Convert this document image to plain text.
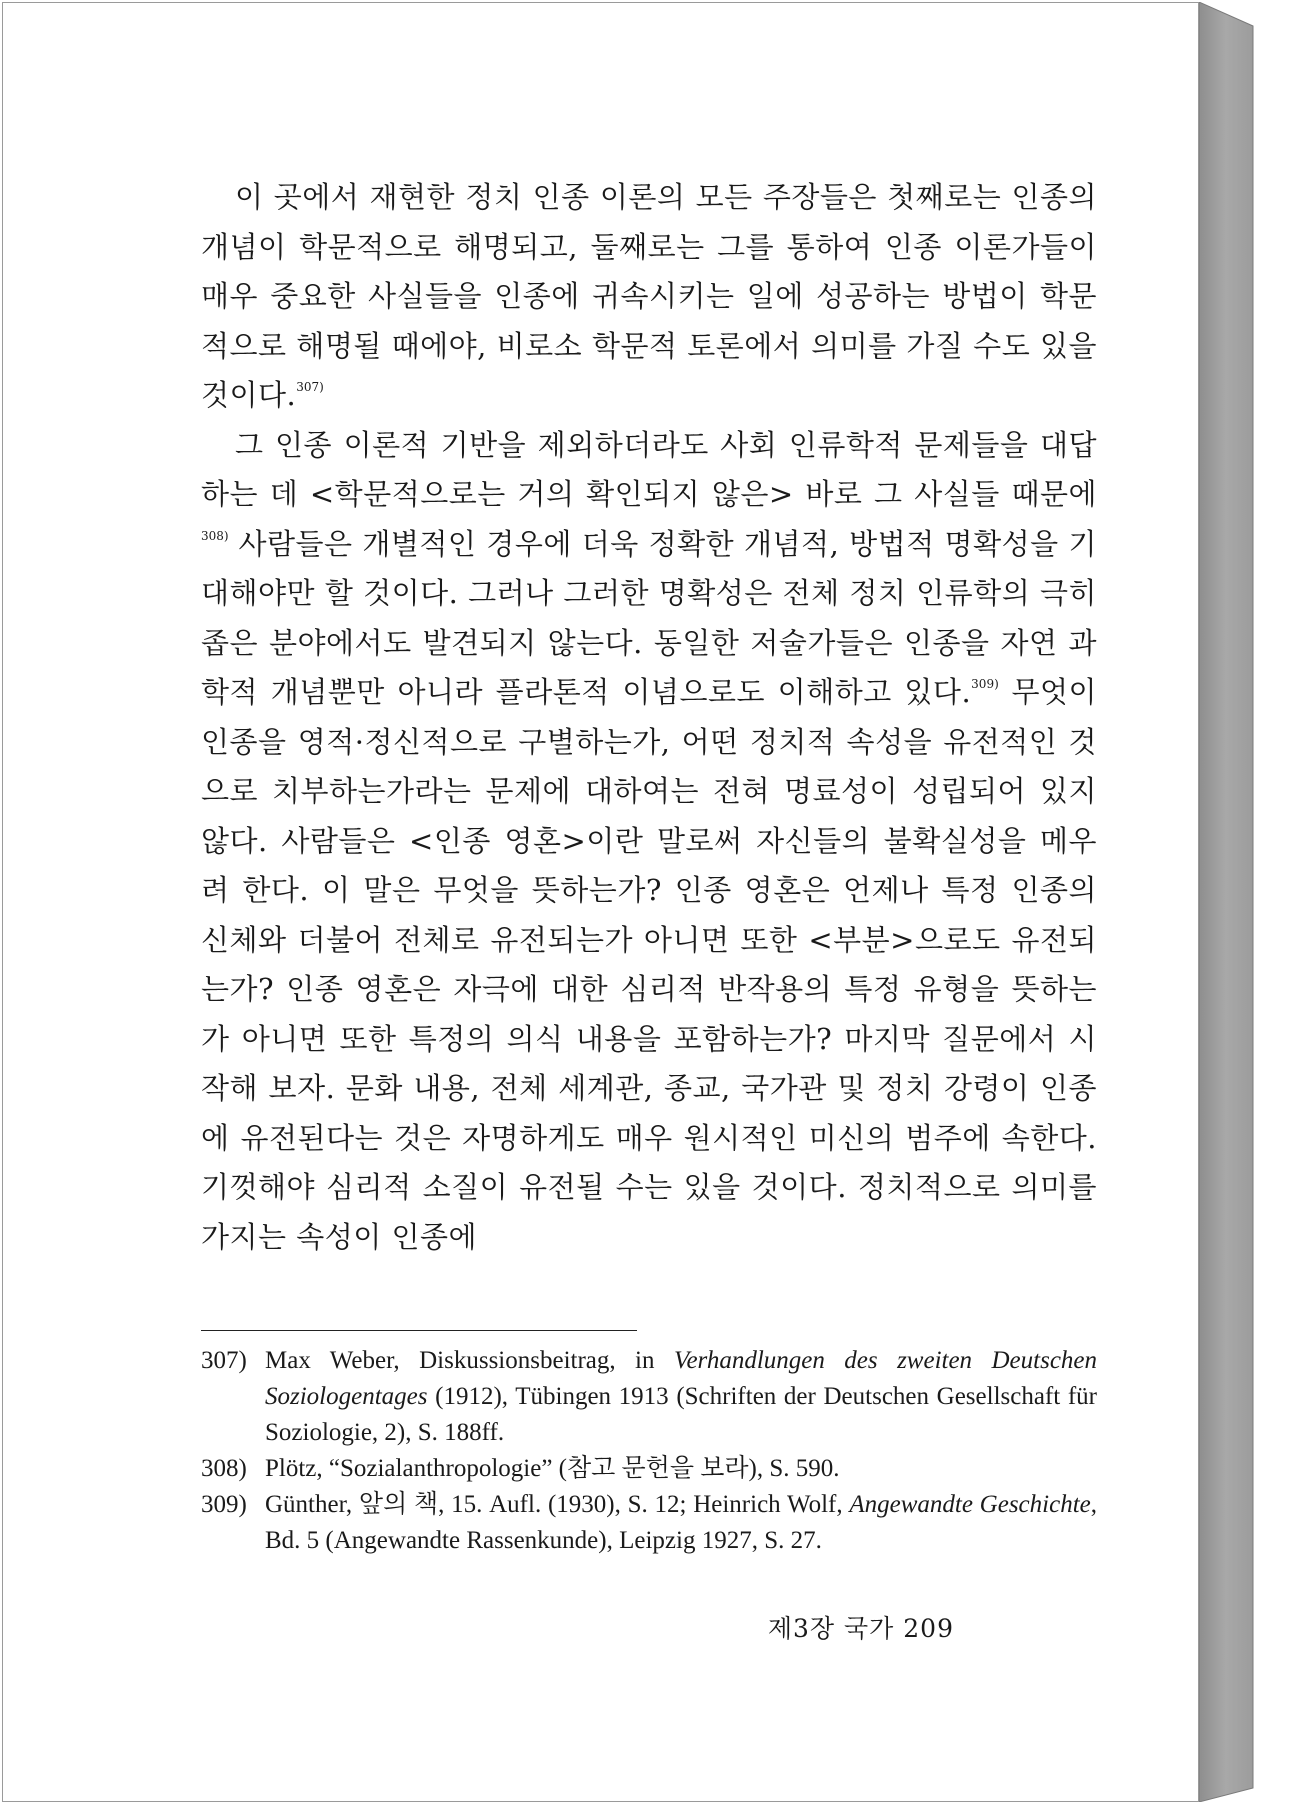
이 곳에서 재현한 정치 인종 이론의 모든 주장들은 첫째로는 인종의 개념이 학문적으로 해명되고, 둘째로는 그를 통하여 인종 이론가들이 매우 중요한 사실들을 인종에 귀속시키는 일에 성공하는 방법이 학문적으로 해명될 때에야, 비로소 학문적 토론에서 의미를 가질 수도 있을 것이다.$^{307)}$

그 인종 이론적 기반을 제외하더라도 사회 인류학적 문제들을 대답하는 데 <학문적으로는 거의 확인되지 않은> 바로 그 사실들 때문에$^{308)}$ 사람들은 개별적인 경우에 더욱 정확한 개념적, 방법적 명확성을 기대해야만 할 것이다. 그러나 그러한 명확성은 전체 정치 인류학의 극히 좁은 분야에서도 발견되지 않는다. 동일한 저술가들은 인종을 자연 과학적 개념뿐만 아니라 플라톤적 이념으로도 이해하고 있다.$^{309)}$ 무엇이 인종을 영적·정신적으로 구별하는가, 어떤 정치적 속성을 유전적인 것으로 치부하는가라는 문제에 대하여는 전혀 명료성이 성립되어 있지 않다. 사람들은 <인종 영혼>이란 말로써 자신들의 불확실성을 메우려 한다. 이 말은 무엇을 뜻하는가? 인종 영혼은 언제나 특정 인종의 신체와 더불어 전체로 유전되는가 아니면 또한 <부분>으로도 유전되는가? 인종 영혼은 자극에 대한 심리적 반작용의 특정 유형을 뜻하는가 아니면 또한 특정의 의식 내용을 포함하는가? 마지막 질문에서 시작해 보자. 문화 내용, 전체 세계관, 종교, 국가관 및 정치 강령이 인종에 유전된다는 것은 자명하게도 매우 원시적인 미신의 범주에 속한다. 기껏해야 심리적 소질이 유전될 수는 있을 것이다. 정치적으로 의미를 가지는 속성이 인종에

307) Max Weber, Diskussionsbeitrag, in Verhandlungen des zweiten Deutschen Soziologentages (1912), Tübingen 1913 (Schriften der Deutschen Gesellschaft für Soziologie, 2), S. 188ff.
308) Plötz, “Sozialanthropologie” (참고 문헌을 보라), S. 590.
309) Günther, 앞의 책, 15. Aufl. (1930), S. 12; Heinrich Wolf, Angewandte Geschichte, Bd. 5 (Angewandte Rassenkunde), Leipzig 1927, S. 27.
제3장 국가 209
